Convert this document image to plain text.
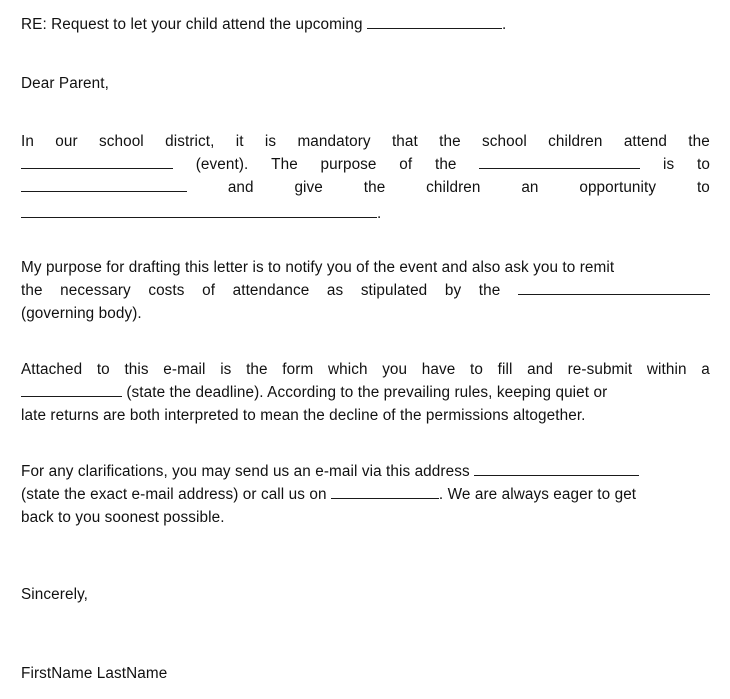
RE: Request to let your child attend the upcoming	.
Dear Parent,
In our school district, it is mandatory that the school children attend the
(event). The purpose of the	is to
and	give	the	children	an	opportunity	to
.
My purpose for drafting this letter is to notify you of the event and also ask you to remit
the necessary costs of attendance as stipulated by the
(governing body).
Attached to this e-mail is the form which you have to fill and re-submit within a
(state the deadline). According to the prevailing rules, keeping quiet or
late returns are both interpreted to mean the decline of the permissions altogether.
For any clarifications, you may send us an e-mail via this address
(state the exact e-mail address) or call us on	. We are always eager to get
back to you soonest possible.
Sincerely,
FirstName LastName
